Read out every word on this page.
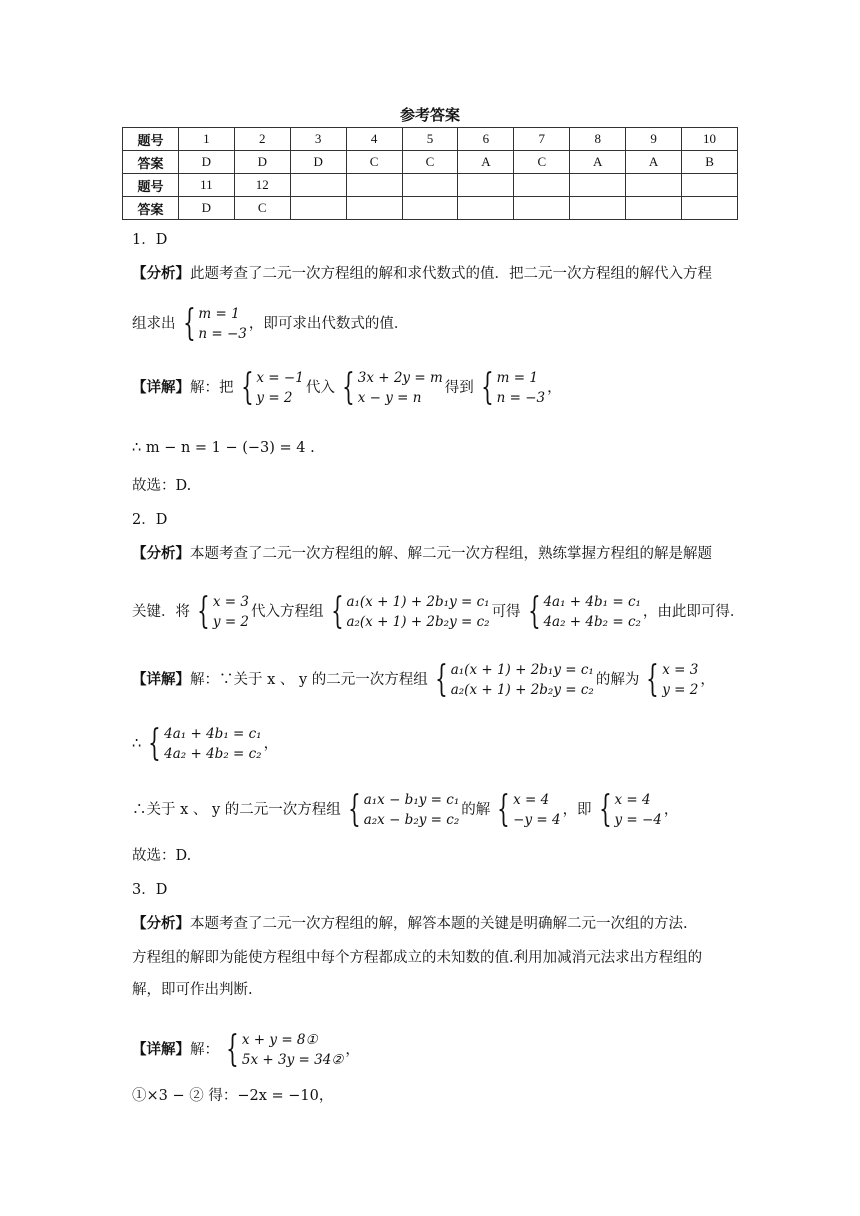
参考答案
题号	1	2	3	4	5	6	7	8	9	10
答案	D	D	D	C	C	A	C	A	A	B
题号	11	12								
答案	D	C								
1．D
【分析】此题考查了二元一次方程组的解和求代数式的值．把二元一次方程组的解代入方程
组求出 { m = 1
n = −3
，即可求出代数式的值．
【详解】解：把 { x = −1
y = 2
代入 { 3x + 2y = m
x − y = n
得到 { m = 1
n = −3
，
∴ m − n = 1 − (−3) = 4 .
故选：D.
2．D
【分析】本题考查了二元一次方程组的解、解二元一次方程组，熟练掌握方程组的解是解题
关键．将 { x = 3
y = 2
代入方程组 { a₁(x + 1) + 2b₁y = c₁
a₂(x + 1) + 2b₂y = c₂
可得 { 4a₁ + 4b₁ = c₁
4a₂ + 4b₂ = c₂
，由此即可得．
【详解】解：∵关于 x 、 y 的二元一次方程组 { a₁(x + 1) + 2b₁y = c₁
a₂(x + 1) + 2b₂y = c₂
的解为 { x = 3
y = 2
，
∴ { 4a₁ + 4b₁ = c₁
4a₂ + 4b₂ = c₂
，
∴关于 x 、 y 的二元一次方程组 { a₁x − b₁y = c₁
a₂x − b₂y = c₂
的解 { x = 4
−y = 4
，即 { x = 4
y = −4
，
故选：D.
3．D
【分析】本题考查了二元一次方程组的解，解答本题的关键是明确解二元一次组的方法.
方程组的解即为能使方程组中每个方程都成立的未知数的值.利用加减消元法求出方程组的
解，即可作出判断.
【详解】解： { x + y = 8①
5x + 3y = 34②
，
①×3 − ② 得：−2x = −10，
